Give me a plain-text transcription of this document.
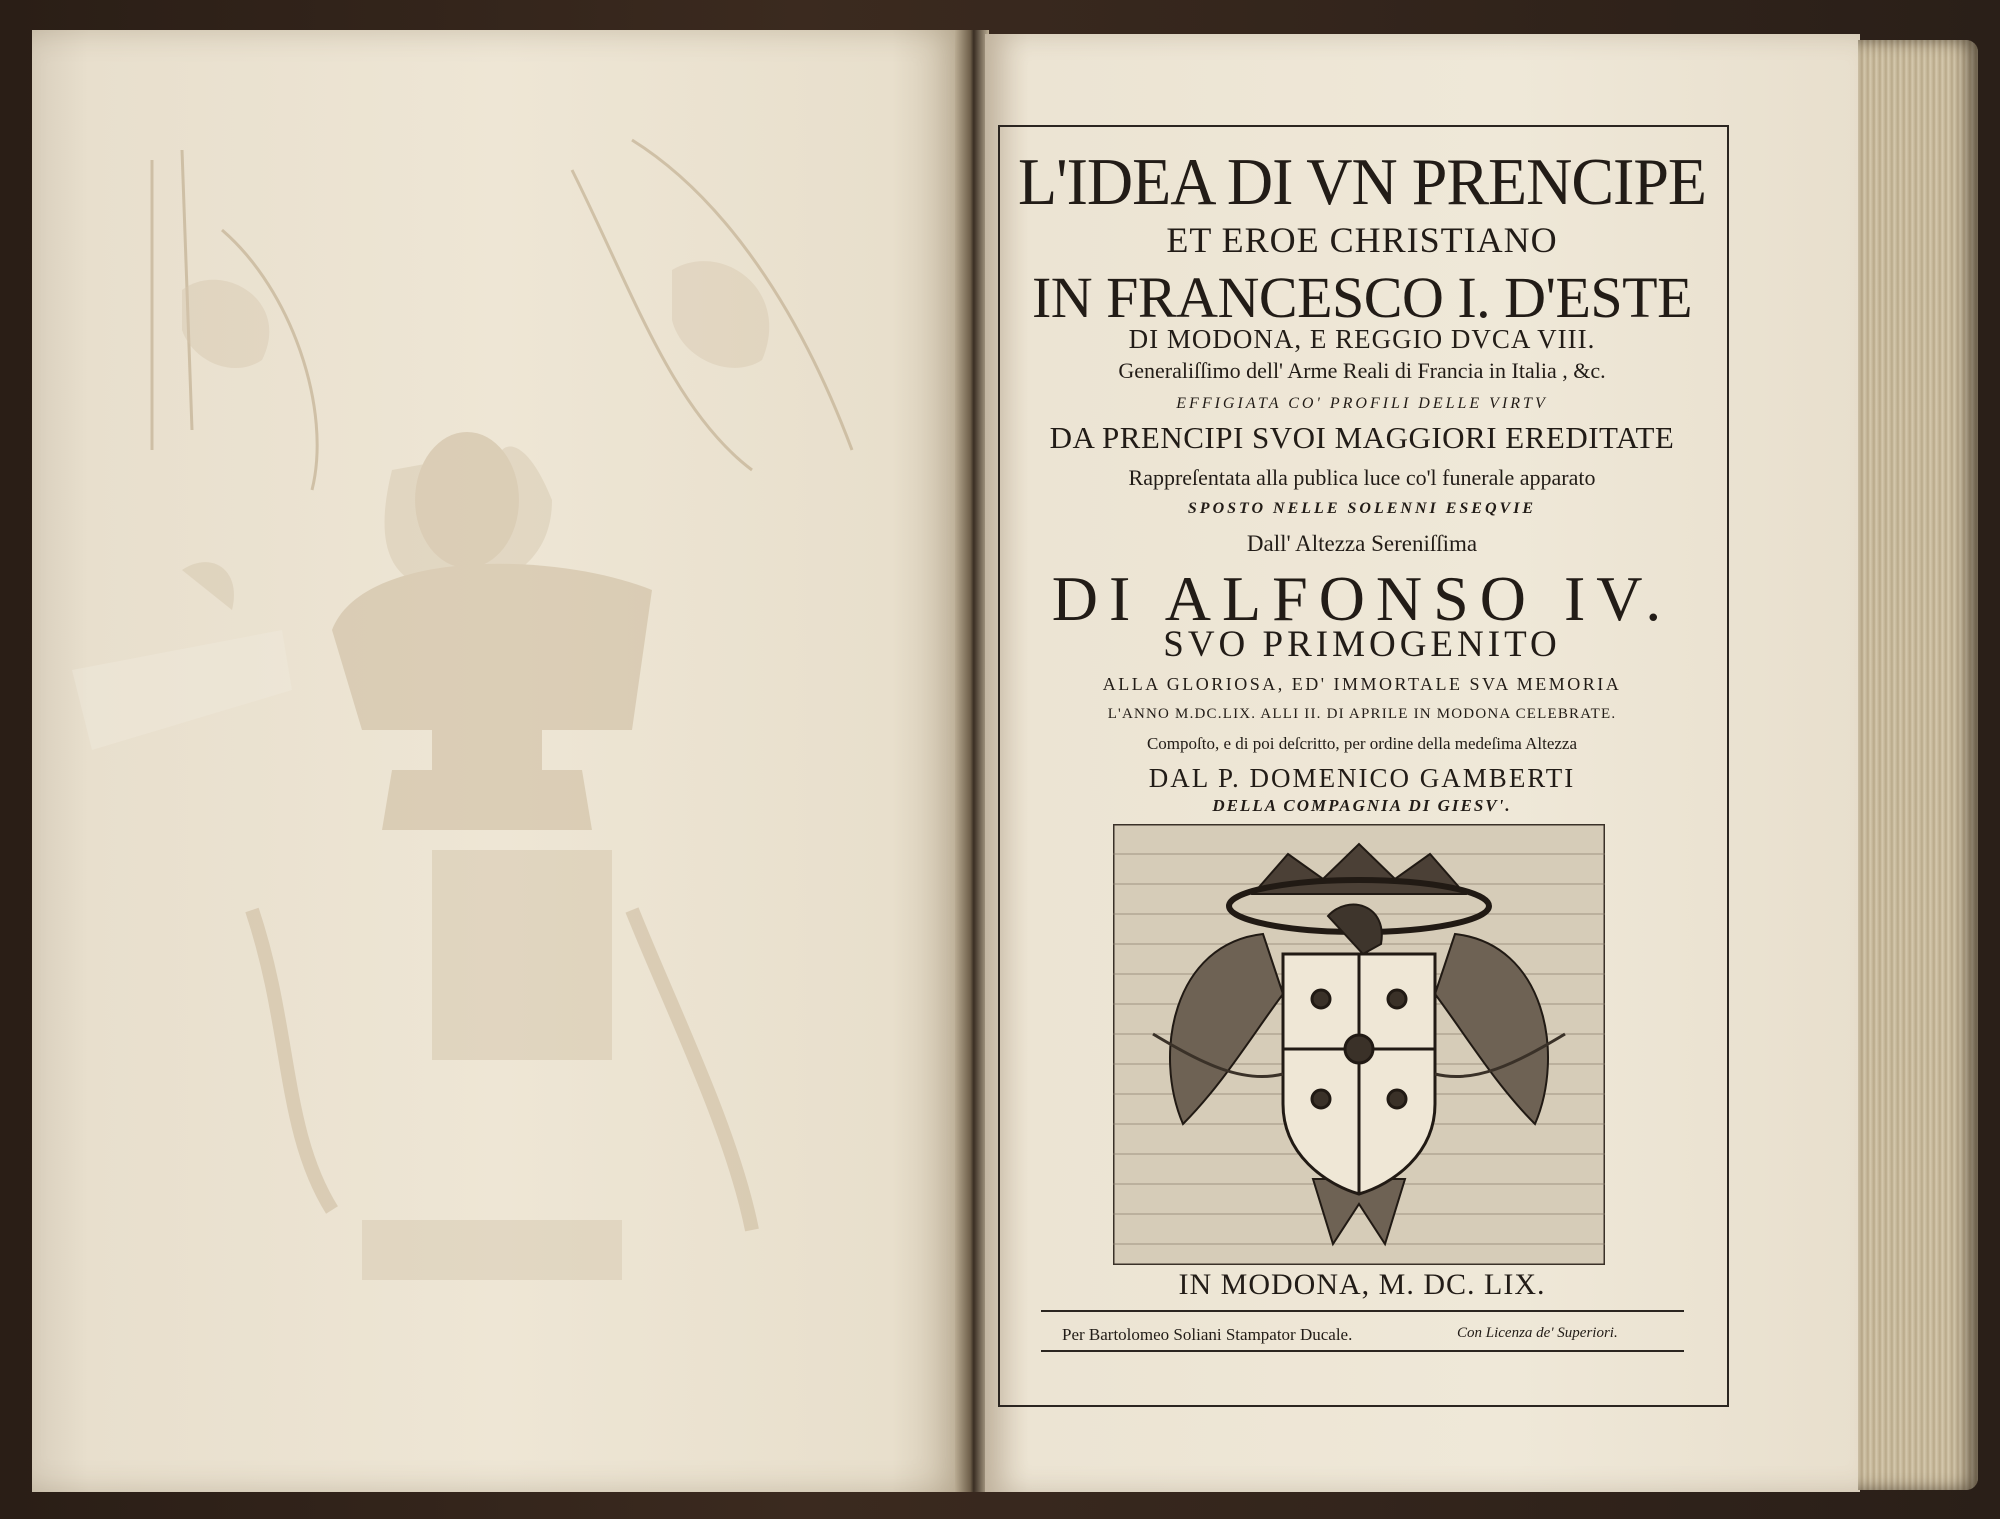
L'IDEA DI VN PRENCIPE
ET EROE CHRISTIANO
IN FRANCESCO I. D'ESTE
DI MODONA, E REGGIO DVCA VIII.
Generaliſſimo dell' Arme Reali di Francia in Italia , &c.
EFFIGIATA CO' PROFILI DELLE VIRTV
DA PRENCIPI SVOI MAGGIORI EREDITATE
Rappreſentata alla publica luce co'l funerale apparato
SPOSTO NELLE SOLENNI ESEQVIE
Dall' Altezza Sereniſſima
DI ALFONSO IV.
SVO PRIMOGENITO
ALLA GLORIOSA, ED' IMMORTALE SVA MEMORIA
L'ANNO M.DC.LIX. ALLI II. DI APRILE IN MODONA CELEBRATE.
Compoſto, e di poi deſcritto, per ordine della medeſima Altezza
DAL P. DOMENICO GAMBERTI
DELLA COMPAGNIA DI GIESV'.
IN MODONA, M. DC. LIX.
Per Bartolomeo Soliani Stampator Ducale.	Con Licenza de' Superiori.
